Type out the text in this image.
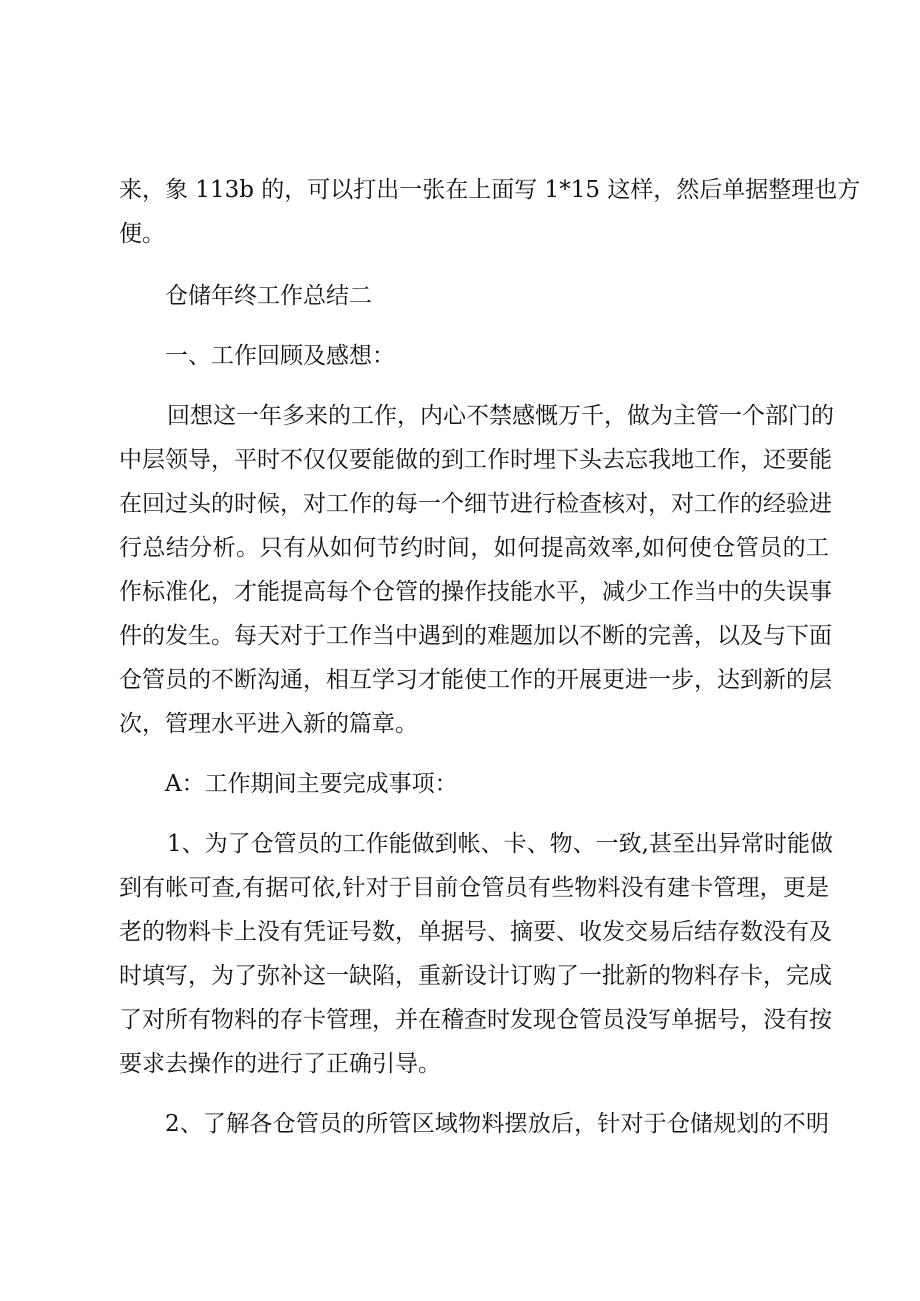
来，象 113b 的，可以打出一张在上面写 1*15 这样，然后单据整理也方
便。
仓储年终工作总结二
一、工作回顾及感想：
回想这一年多来的工作，内心不禁感慨万千，做为主管一个部门的
中层领导，平时不仅仅要能做的到工作时埋下头去忘我地工作，还要能
在回过头的时候，对工作的每一个细节进行检查核对，对工作的经验进
行总结分析。只有从如何节约时间，如何提高效率,如何使仓管员的工
作标准化，才能提高每个仓管的操作技能水平，减少工作当中的失误事
件的发生。每天对于工作当中遇到的难题加以不断的完善，以及与下面
仓管员的不断沟通，相互学习才能使工作的开展更进一步，达到新的层
次，管理水平进入新的篇章。
A：工作期间主要完成事项：
1、为了仓管员的工作能做到帐、卡、物、一致,甚至出异常时能做
到有帐可查,有据可依,针对于目前仓管员有些物料没有建卡管理，更是
老的物料卡上没有凭证号数，单据号、摘要、收发交易后结存数没有及
时填写，为了弥补这一缺陷，重新设计订购了一批新的物料存卡，完成
了对所有物料的存卡管理，并在稽查时发现仓管员没写单据号，没有按
要求去操作的进行了正确引导。
2、了解各仓管员的所管区域物料摆放后，针对于仓储规划的不明
